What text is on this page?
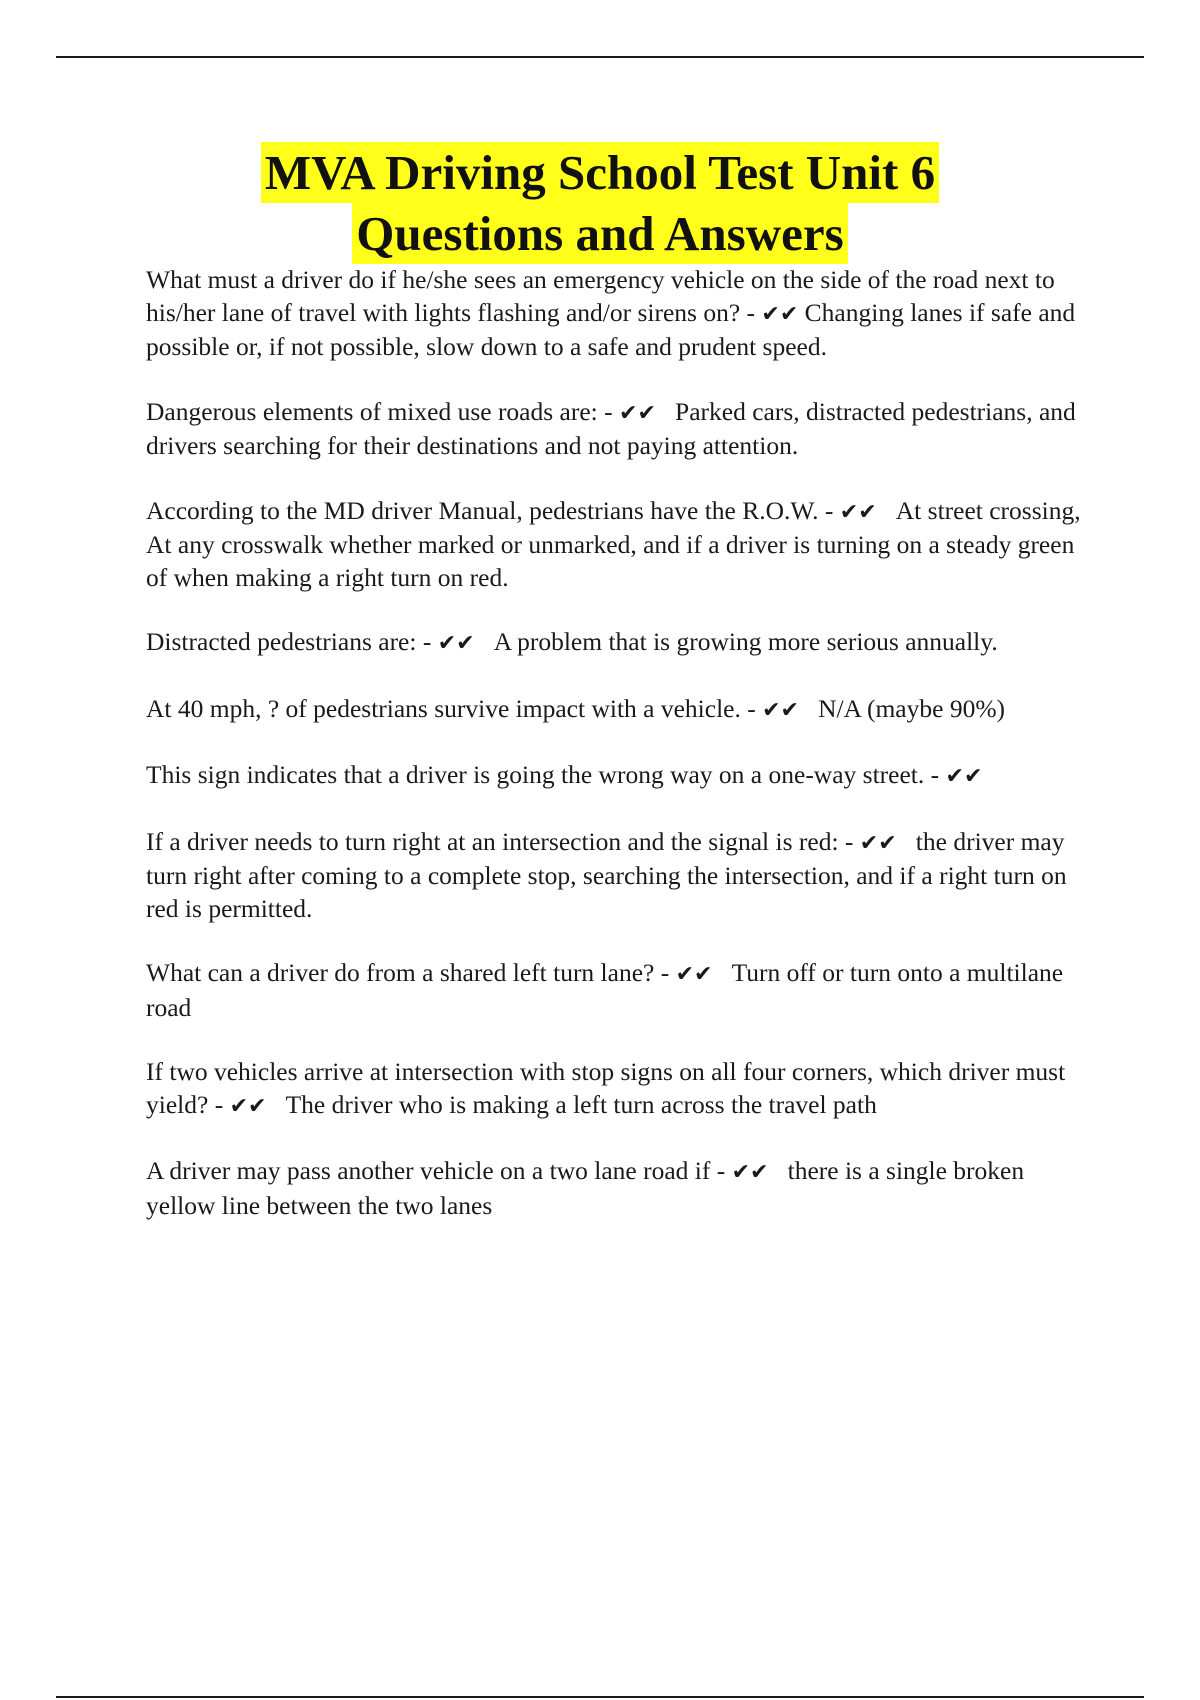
MVA Driving School Test Unit 6
Questions and Answers

What must a driver do if he/she sees an emergency vehicle on the side of the road next to his/her lane of travel with lights flashing and/or sirens on? - ✔✔ Changing lanes if safe and possible or, if not possible, slow down to a safe and prudent speed.

Dangerous elements of mixed use roads are: - ✔✔ Parked cars, distracted pedestrians, and drivers searching for their destinations and not paying attention.

According to the MD driver Manual, pedestrians have the R.O.W. - ✔✔ At street crossing, At any crosswalk whether marked or unmarked, and if a driver is turning on a steady green of when making a right turn on red.

Distracted pedestrians are: - ✔✔ A problem that is growing more serious annually.

At 40 mph, ? of pedestrians survive impact with a vehicle. - ✔✔ N/A (maybe 90%)

This sign indicates that a driver is going the wrong way on a one-way street. - ✔✔

If a driver needs to turn right at an intersection and the signal is red: - ✔✔ the driver may turn right after coming to a complete stop, searching the intersection, and if a right turn on red is permitted.

What can a driver do from a shared left turn lane? - ✔✔ Turn off or turn onto a multilane road

If two vehicles arrive at intersection with stop signs on all four corners, which driver must yield? - ✔✔ The driver who is making a left turn across the travel path

A driver may pass another vehicle on a two lane road if - ✔✔ there is a single broken yellow line between the two lanes
